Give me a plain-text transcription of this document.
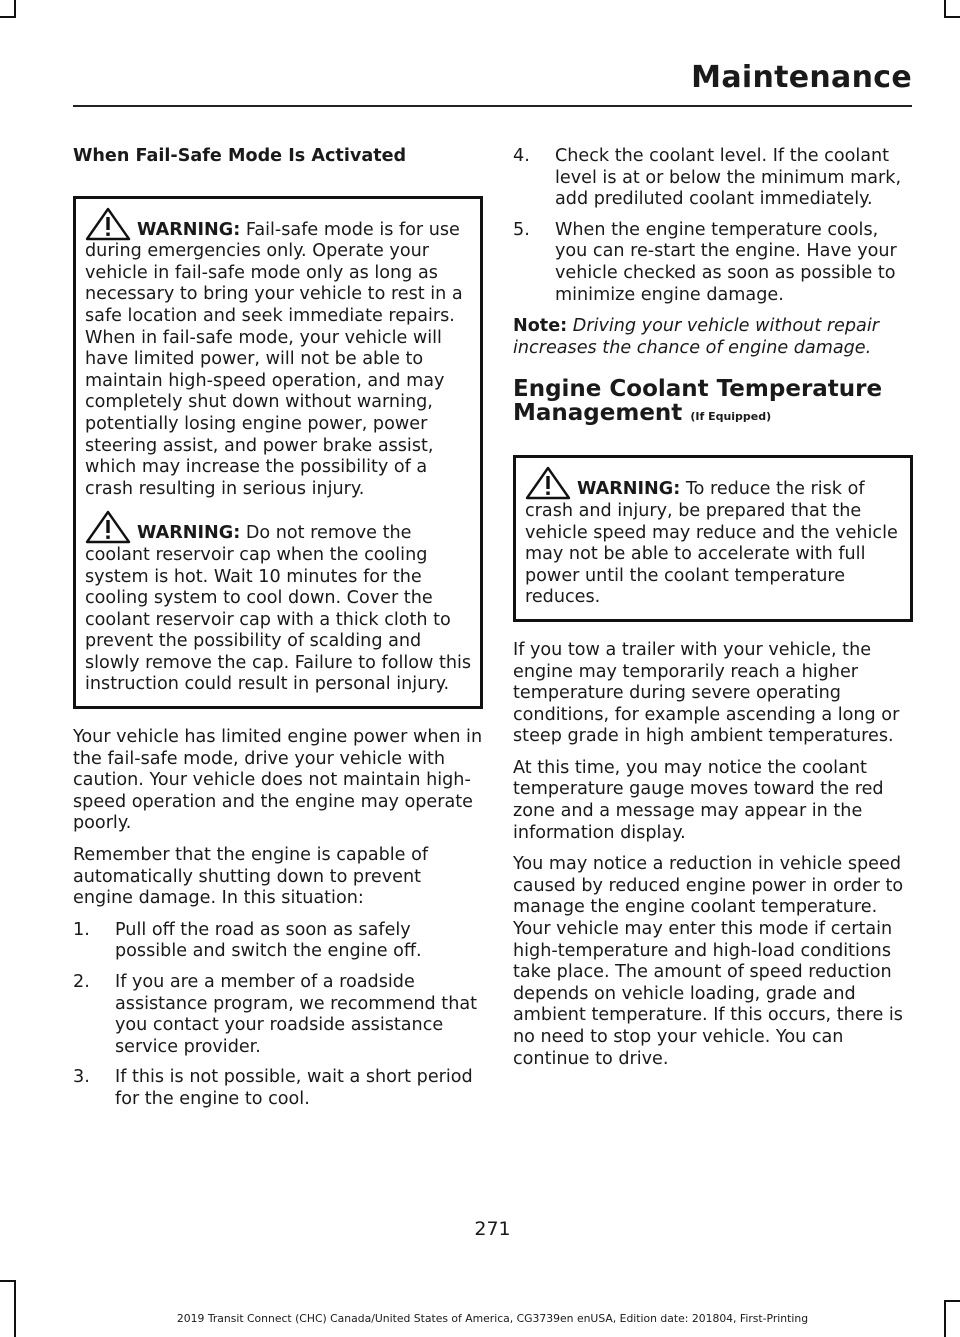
Maintenance
When Fail-Safe Mode Is Activated
WARNING: Fail-safe mode is for use during emergencies only. Operate your vehicle in fail-safe mode only as long as necessary to bring your vehicle to rest in a safe location and seek immediate repairs. When in fail-safe mode, your vehicle will have limited power, will not be able to maintain high-speed operation, and may completely shut down without warning, potentially losing engine power, power steering assist, and power brake assist, which may increase the possibility of a crash resulting in serious injury.
WARNING: Do not remove the coolant reservoir cap when the cooling system is hot. Wait 10 minutes for the cooling system to cool down. Cover the coolant reservoir cap with a thick cloth to prevent the possibility of scalding and slowly remove the cap. Failure to follow this instruction could result in personal injury.

Your vehicle has limited engine power when in the fail-safe mode, drive your vehicle with caution. Your vehicle does not maintain high-speed operation and the engine may operate poorly.

Remember that the engine is capable of automatically shutting down to prevent engine damage. In this situation:

1. Pull off the road as soon as safely possible and switch the engine off.
2. If you are a member of a roadside assistance program, we recommend that you contact your roadside assistance service provider.
3. If this is not possible, wait a short period for the engine to cool.
4. Check the coolant level. If the coolant level is at or below the minimum mark, add prediluted coolant immediately.
5. When the engine temperature cools, you can re-start the engine. Have your vehicle checked as soon as possible to minimize engine damage.

Note: Driving your vehicle without repair increases the chance of engine damage.

Engine Coolant Temperature Management (If Equipped)
WARNING: To reduce the risk of crash and injury, be prepared that the vehicle speed may reduce and the vehicle may not be able to accelerate with full power until the coolant temperature reduces.

If you tow a trailer with your vehicle, the engine may temporarily reach a higher temperature during severe operating conditions, for example ascending a long or steep grade in high ambient temperatures.

At this time, you may notice the coolant temperature gauge moves toward the red zone and a message may appear in the information display.

You may notice a reduction in vehicle speed caused by reduced engine power in order to manage the engine coolant temperature. Your vehicle may enter this mode if certain high-temperature and high-load conditions take place. The amount of speed reduction depends on vehicle loading, grade and ambient temperature. If this occurs, there is no need to stop your vehicle. You can continue to drive.

271
2019 Transit Connect (CHC) Canada/United States of America, CG3739en enUSA, Edition date: 201804, First-Printing
